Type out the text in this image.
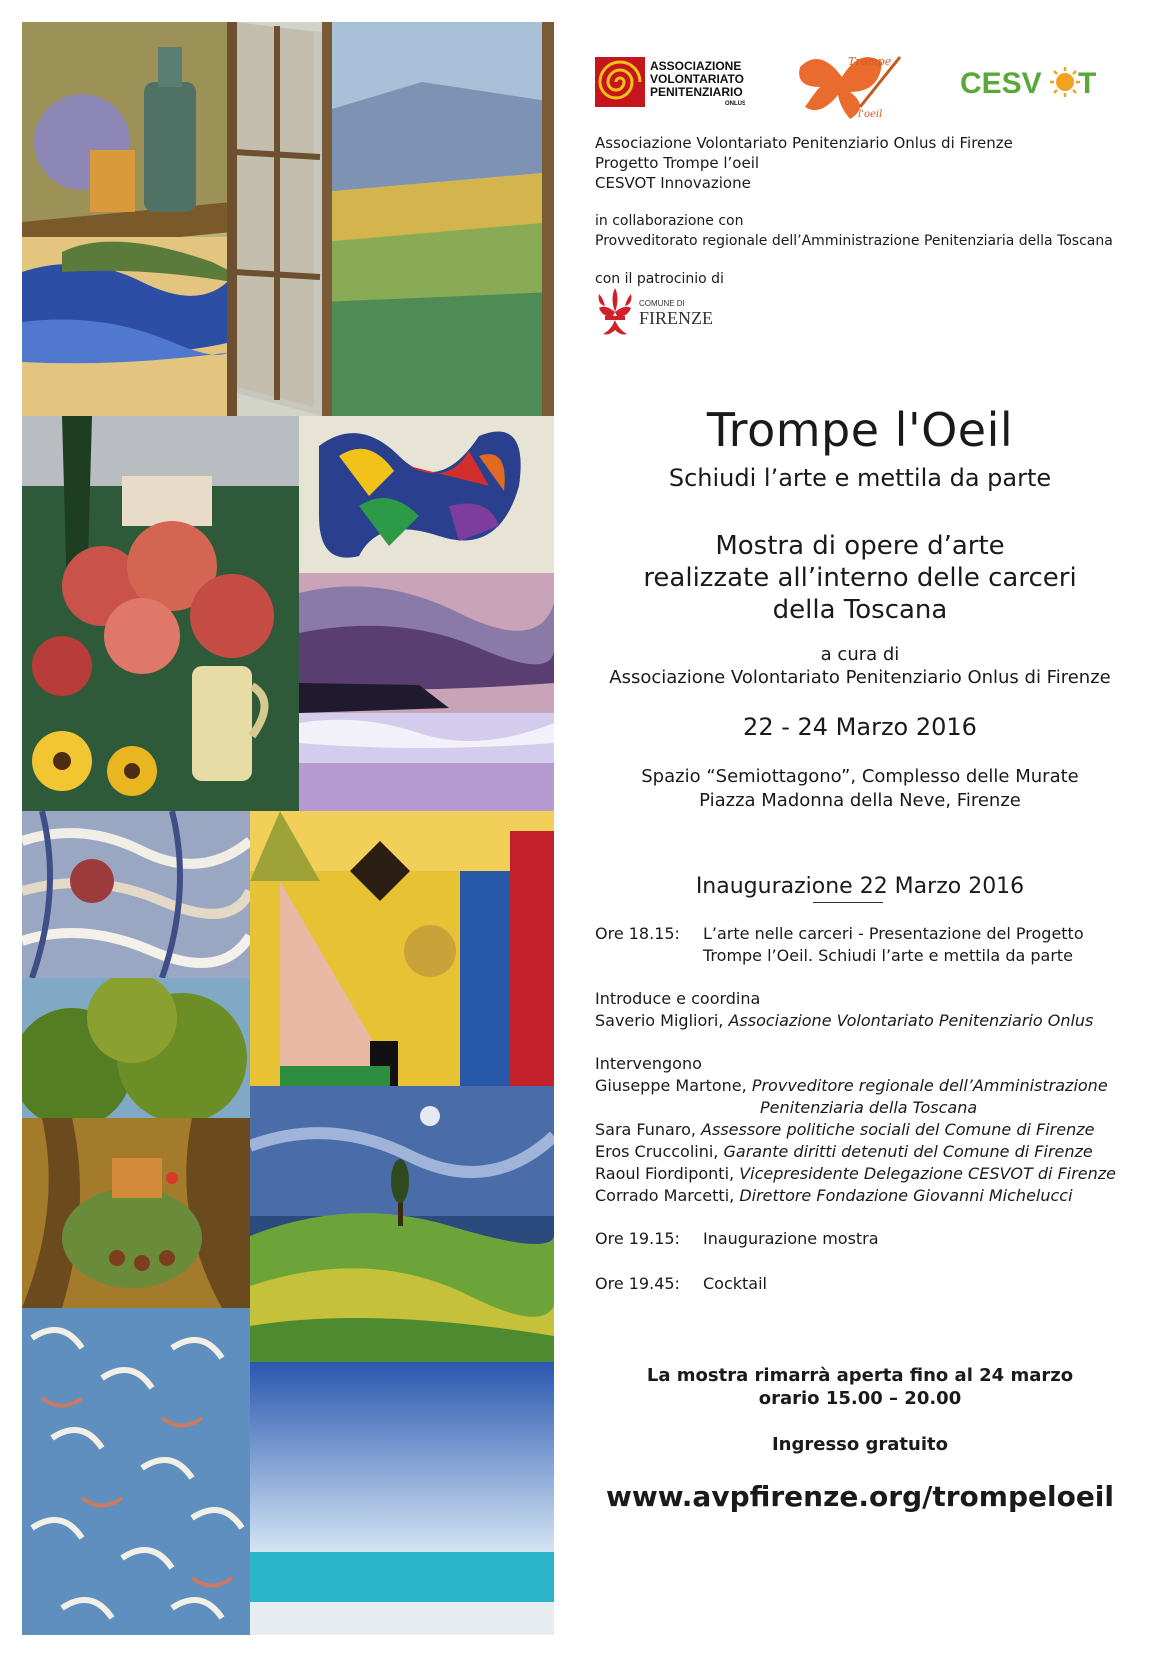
ASSOCIAZIONE
VOLONTARIATO
PENITENZIARIO
ONLUS
Trompe
l'oeil
CESV T
Associazione Volontariato Penitenziario Onlus di Firenze
Progetto Trompe l’oeil
CESVOT Innovazione
in collaborazione con
Provveditorato regionale dell’Amministrazione Penitenziaria della Toscana
con il patrocinio di
COMUNE DI
FIRENZE
Trompe l'Oeil
Schiudi l’arte e mettila da parte
Mostra di opere d’arte
realizzate all’interno delle carceri
della Toscana
a cura di
Associazione Volontariato Penitenziario Onlus di Firenze
22 - 24 Marzo 2016
Spazio “Semiottagono”, Complesso delle Murate
Piazza Madonna della Neve, Firenze
Inaugurazione 22 Marzo 2016
Ore 18.15: L’arte nelle carceri - Presentazione del Progetto
Trompe l’Oeil. Schiudi l’arte e mettila da parte
Introduce e coordina
Saverio Migliori, Associazione Volontariato Penitenziario Onlus
Intervengono
Giuseppe Martone, Provveditore regionale dell’Amministrazione
Penitenziaria della Toscana
Sara Funaro, Assessore politiche sociali del Comune di Firenze
Eros Cruccolini, Garante diritti detenuti del Comune di Firenze
Raoul Fiordiponti, Vicepresidente Delegazione CESVOT di Firenze
Corrado Marcetti, Direttore Fondazione Giovanni Michelucci
Ore 19.15: Inaugurazione mostra
Ore 19.45: Cocktail
La mostra rimarrà aperta fino al 24 marzo
orario 15.00 – 20.00
Ingresso gratuito
www.avpfirenze.org/trompeloeil
